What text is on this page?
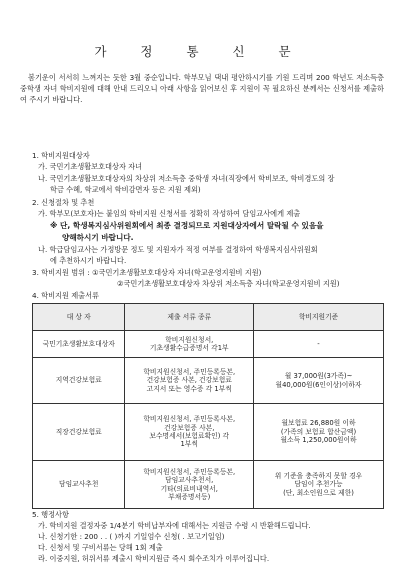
가 정 통 신 문
봄기운이 서서히 느껴지는 듯한 3월 중순입니다. 학부모님 댁내 평안하시기를 기원 드리며 200 학년도 저소득층 중학생 자녀 학비지원에 대해 안내 드리오니 아래 사항을 읽어보신 후 지원이 꼭 필요하신 분께서는 신청서를 제출하여 주시기 바랍니다.
1. 학비지원대상자
가. 국민기초생활보호대상자 자녀
나. 국민기초생활보호대상자의 차상위 저소득층 중학생 자녀(직장에서 학비보조, 학비경도의 장
학금 수혜, 학교에서 학비감면자 등은 지원 제외)
2. 신청절차 및 추천
가. 학부모(보호자)는 붙임의 학비지원 신청서를 정확히 작성하여 담임교사에게 제출
※ 단, 학생복지심사위원회에서 최종 결정되므로 지원대상자에서 탈락될 수 있음을
양해하시기 바랍니다.
나. 학급담임교사는 가정방문 정도 및 지원자가 적정 여부를 결정하여 학생복지심사위원회
에 추천하시기 바랍니다.
3. 학비지원 범위 : ①국민기초생활보호대상자 자녀(학교운영지원비 지원)
②국민기초생활보호대상자 차상위 저소득층 자녀(학교운영지원비 지원)
4. 학비지원 제출서류
대 상 자	제출 서류 종류	학비지원기준
국민기초생활보호대상자	학비지원신청서,
기초생활수급증명서 각1부	-
지역건강보험료	학비지원신청서, 주민등록등본,
건강보험증 사본, 건강보험료
고지서 또는 영수증 각 1부씩	월 37,000원(3가족)~
월40,000원(6인이상)이하자
직장건강보험료	학비지원신청서, 주민등록사본,
건강보험증 사본,
보수명세서(보험료확인) 각
1부씩	월보험료 26,880원 이하
(가족의 보험료 합산금액)
월소득 1,250,000원이하
담임교사추천	학비지원신청서, 주민등록등본,
담임교사추천서,
기타(의료비내역서,
부채증명서등)	위 기준을 충족하지 못할 경우
담임이 추천가능
(단, 최소인원으로 제한)
5. 행정사항
가. 학비지원 결정자중 1/4분기 학비납부자에 대해서는 지원금 수령 시 반환해드립니다.
나. 신청기한 : 200 . . ( )까지 기일엄수 신청( . 보고기일임)
다. 신청서 및 구비서류는 당해 1회 제출
라. 이중지원, 허위서류 제출시 학비지원금 즉시 회수조치가 이루어집니다.
